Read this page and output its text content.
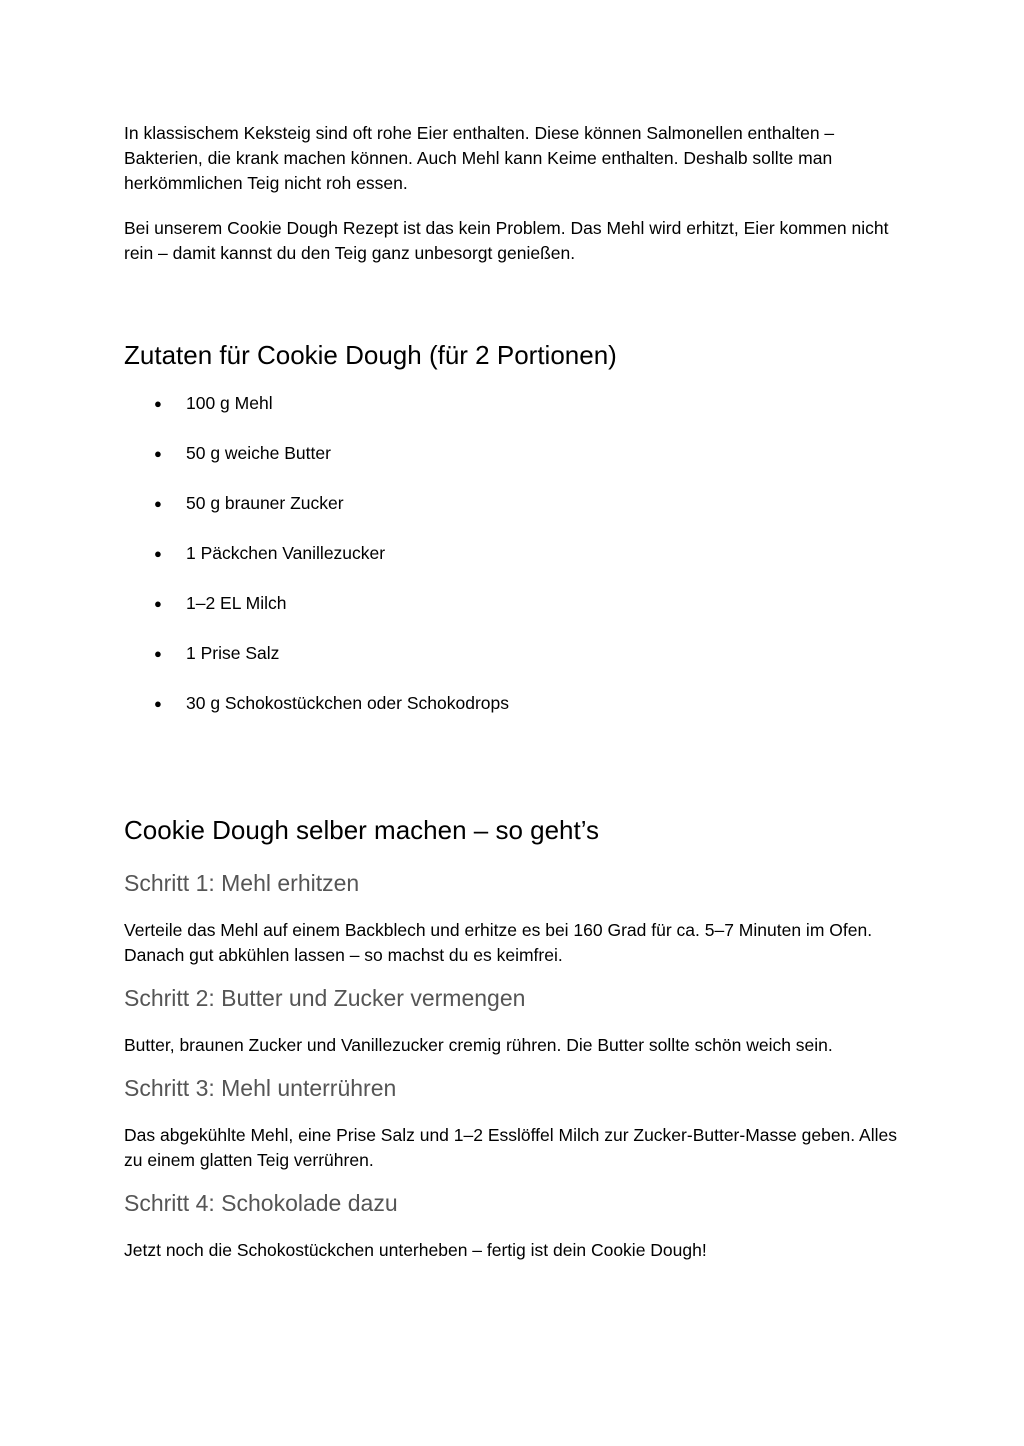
In klassischem Keksteig sind oft rohe Eier enthalten. Diese können Salmonellen enthalten – Bakterien, die krank machen können. Auch Mehl kann Keime enthalten. Deshalb sollte man herkömmlichen Teig nicht roh essen.

Bei unserem Cookie Dough Rezept ist das kein Problem. Das Mehl wird erhitzt, Eier kommen nicht rein – damit kannst du den Teig ganz unbesorgt genießen.

Zutaten für Cookie Dough (für 2 Portionen)
● 100 g Mehl
● 50 g weiche Butter
● 50 g brauner Zucker
● 1 Päckchen Vanillezucker
● 1–2 EL Milch
● 1 Prise Salz
● 30 g Schokostückchen oder Schokodrops
Cookie Dough selber machen – so geht’s
Schritt 1: Mehl erhitzen

Verteile das Mehl auf einem Backblech und erhitze es bei 160 Grad für ca. 5–7 Minuten im Ofen. Danach gut abkühlen lassen – so machst du es keimfrei.

Schritt 2: Butter und Zucker vermengen

Butter, braunen Zucker und Vanillezucker cremig rühren. Die Butter sollte schön weich sein.

Schritt 3: Mehl unterrühren

Das abgekühlte Mehl, eine Prise Salz und 1–2 Esslöffel Milch zur Zucker-Butter-Masse geben. Alles zu einem glatten Teig verrühren.

Schritt 4: Schokolade dazu

Jetzt noch die Schokostückchen unterheben – fertig ist dein Cookie Dough!
